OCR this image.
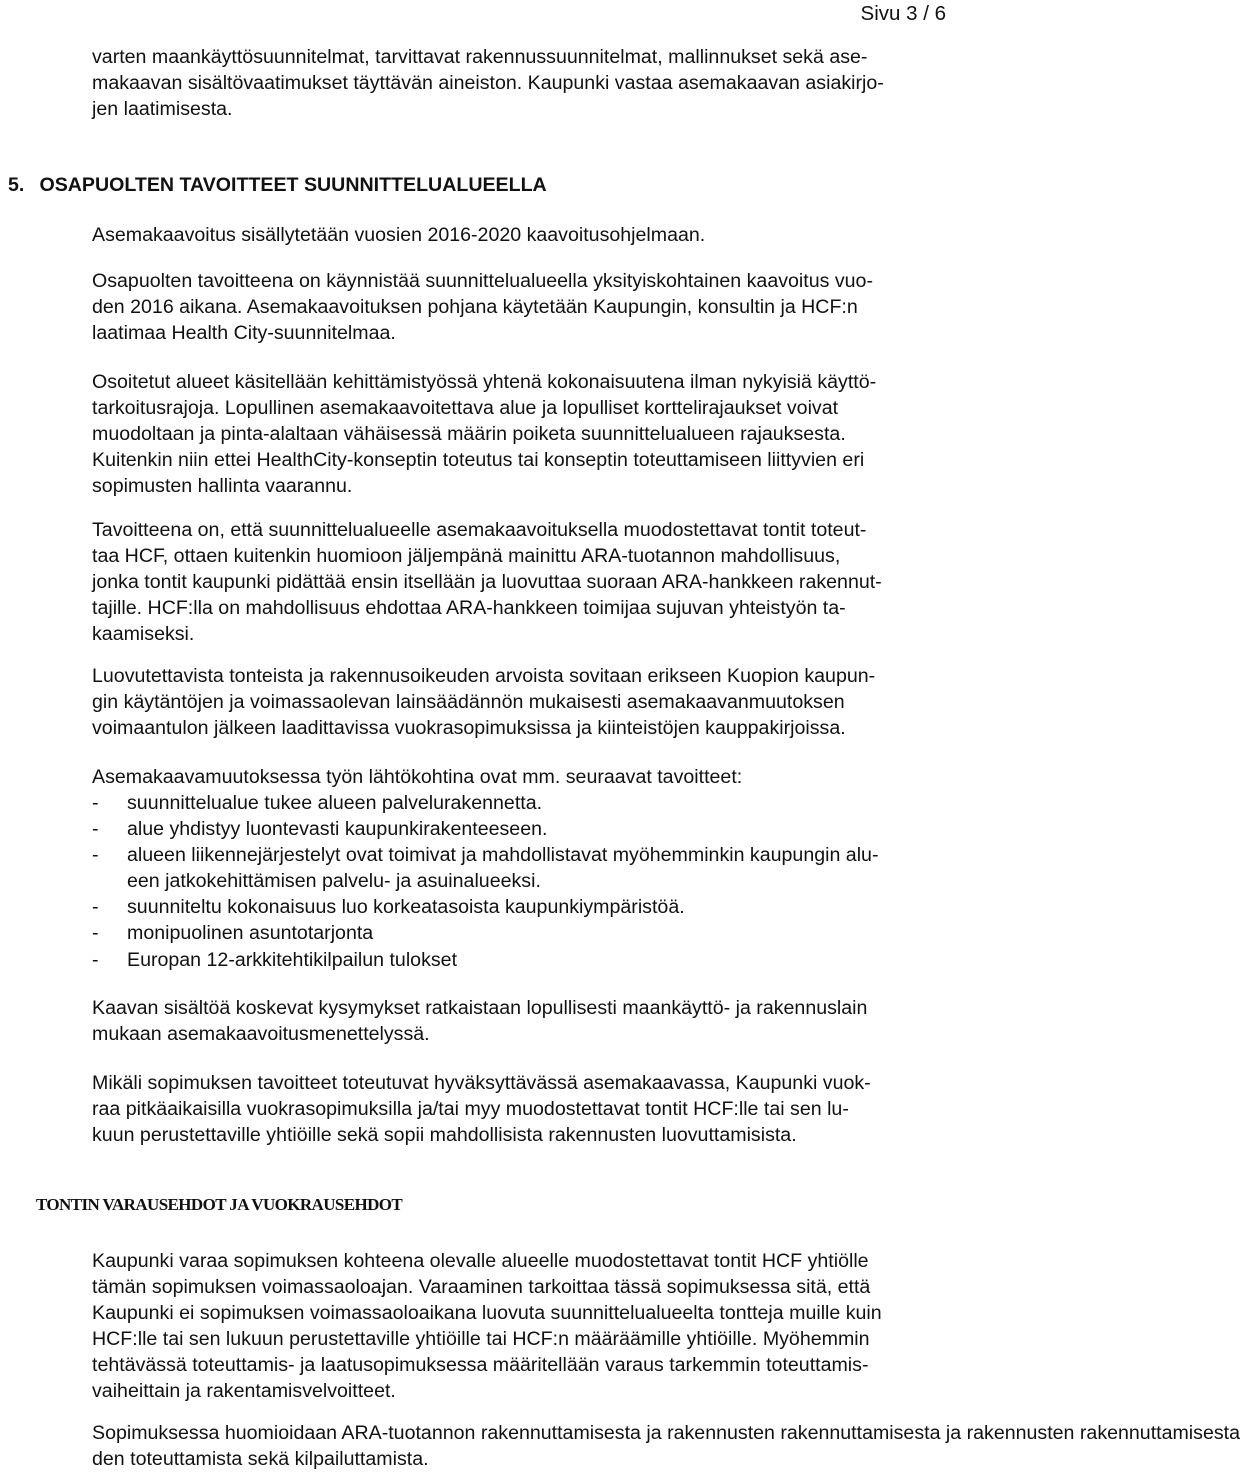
Sivu 3 / 6

varten maankäyttösuunnitelmat, tarvittavat rakennussuunnitelmat, mallinnukset sekä ase-
makaavan sisältövaatimukset täyttävän aineiston. Kaupunki vastaa asemakaavan asiakirjo-
jen laatimisesta.

5. OSAPUOLTEN TAVOITTEET SUUNNITTELUALUEELLA

Asemakaavoitus sisällytetään vuosien 2016-2020 kaavoitusohjelmaan.

Osapuolten tavoitteena on käynnistää suunnittelualueella yksityiskohtainen kaavoitus vuo-
den 2016 aikana. Asemakaavoituksen pohjana käytetään Kaupungin, konsultin ja HCF:n
laatimaa Health City-suunnitelmaa.

Osoitetut alueet käsitellään kehittämistyössä yhtenä kokonaisuutena ilman nykyisiä käyttö-
tarkoitusrajoja. Lopullinen asemakaavoitettava alue ja lopulliset korttelirajaukset voivat
muodoltaan ja pinta-alaltaan vähäisessä määrin poiketa suunnittelualueen rajauksesta.
Kuitenkin niin ettei HealthCity-konseptin toteutus tai konseptin toteuttamiseen liittyvien eri
sopimusten hallinta vaarannu.

Tavoitteena on, että suunnittelualueelle asemakaavoituksella muodostettavat tontit toteut-
taa HCF, ottaen kuitenkin huomioon jäljempänä mainittu ARA-tuotannon mahdollisuus,
jonka tontit kaupunki pidättää ensin itsellään ja luovuttaa suoraan ARA-hankkeen rakennut-
tajille. HCF:lla on mahdollisuus ehdottaa ARA-hankkeen toimijaa sujuvan yhteistyön ta-
kaamiseksi.

Luovutettavista tonteista ja rakennusoikeuden arvoista sovitaan erikseen Kuopion kaupun-
gin käytäntöjen ja voimassaolevan lainsäädännön mukaisesti asemakaavanmuutoksen
voimaantulon jälkeen laadittavissa vuokrasopimuksissa ja kiinteistöjen kauppakirjoissa.

Asemakaavamuutoksessa työn lähtökohtina ovat mm. seuraavat tavoitteet:

- suunnittelualue tukee alueen palvelurakennetta.
- alue yhdistyy luontevasti kaupunkirakenteeseen.
- alueen liikennejärjestelyt ovat toimivat ja mahdollistavat myöhemminkin kaupungin alu-
een jatkokehittämisen palvelu- ja asuinalueeksi.
- suunniteltu kokonaisuus luo korkeatasoista kaupunkiympäristöä.
- monipuolinen asuntotarjonta
- Europan 12-arkkitehtikilpailun tulokset

Kaavan sisältöä koskevat kysymykset ratkaistaan lopullisesti maankäyttö- ja rakennuslain
mukaan asemakaavoitusmenettelyssä.

Mikäli sopimuksen tavoitteet toteutuvat hyväksyttävässä asemakaavassa, Kaupunki vuok-
raa pitkäaikaisilla vuokrasopimuksilla ja/tai myy muodostettavat tontit HCF:lle tai sen lu-
kuun perustettaville yhtiöille sekä sopii mahdollisista rakennusten luovuttamisista.

TONTIN VARAUSEHDOT JA VUOKRAUSEHDOT

Kaupunki varaa sopimuksen kohteena olevalle alueelle muodostettavat tontit HCF yhtiölle
tämän sopimuksen voimassaoloajan. Varaaminen tarkoittaa tässä sopimuksessa sitä, että
Kaupunki ei sopimuksen voimassaoloaikana luovuta suunnittelualueelta tontteja muille kuin
HCF:lle tai sen lukuun perustettaville yhtiöille tai HCF:n määräämille yhtiöille. Myöhemmin
tehtävässä toteuttamis- ja laatusopimuksessa määritellään varaus tarkemmin toteuttamis-
vaiheittain ja rakentamisvelvoitteet.

Sopimuksessa huomioidaan ARA-tuotannon rakennuttamisesta ja rakennusten rakennuttamisesta ja rakennusten rakennuttamisesta
den toteuttamista sekä kilpailuttamista.
